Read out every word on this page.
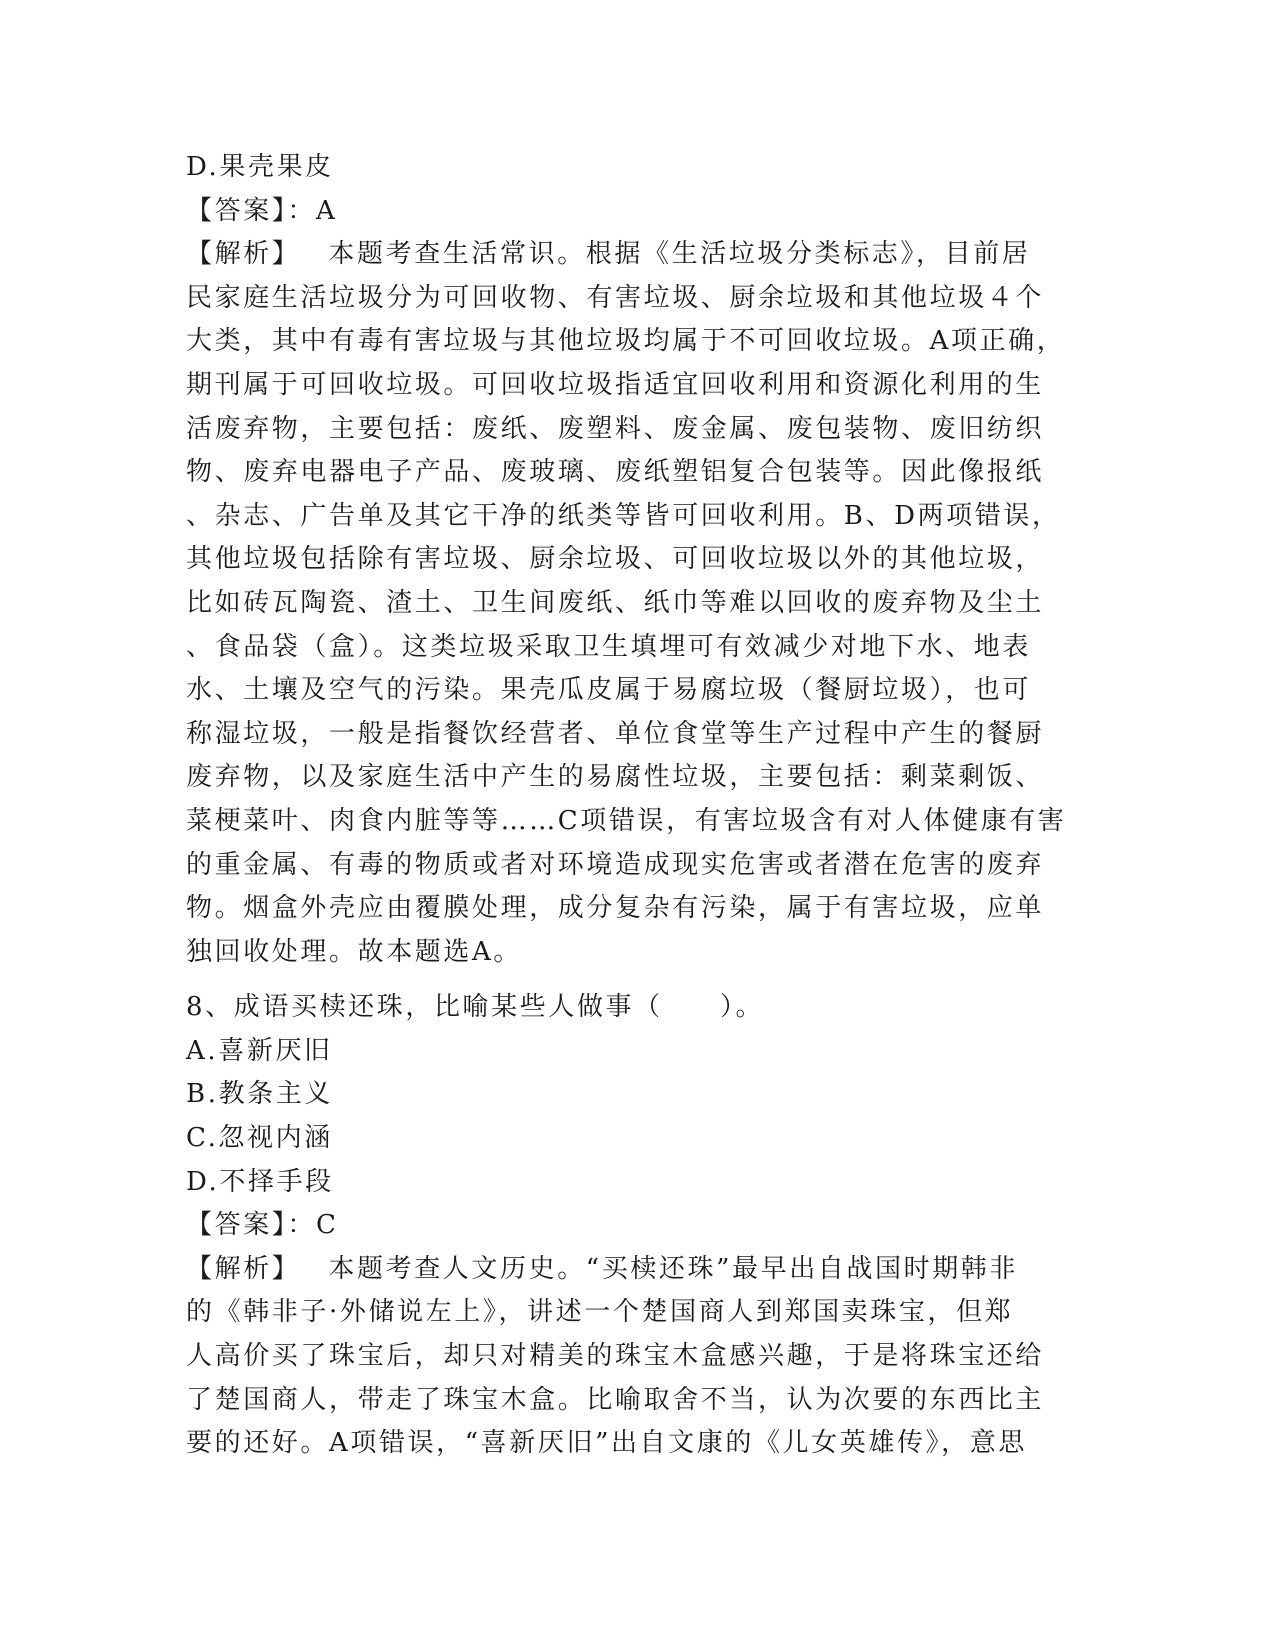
D.果壳果皮
【答案】：A
【解析】 本题考查生活常识。根据《生活垃圾分类标志》，目前居
民家庭生活垃圾分为可回收物、有害垃圾、厨余垃圾和其他垃圾４个
大类，其中有毒有害垃圾与其他垃圾均属于不可回收垃圾。A项正确，
期刊属于可回收垃圾。可回收垃圾指适宜回收利用和资源化利用的生
活废弃物，主要包括：废纸、废塑料、废金属、废包装物、废旧纺织
物、废弃电器电子产品、废玻璃、废纸塑铝复合包装等。因此像报纸
、杂志、广告单及其它干净的纸类等皆可回收利用。B、D两项错误，
其他垃圾包括除有害垃圾、厨余垃圾、可回收垃圾以外的其他垃圾，
比如砖瓦陶瓷、渣土、卫生间废纸、纸巾等难以回收的废弃物及尘土
、食品袋（盒）。这类垃圾采取卫生填埋可有效减少对地下水、地表
水、土壤及空气的污染。果壳瓜皮属于易腐垃圾（餐厨垃圾），也可
称湿垃圾，一般是指餐饮经营者、单位食堂等生产过程中产生的餐厨
废弃物，以及家庭生活中产生的易腐性垃圾，主要包括：剩菜剩饭、
菜梗菜叶、肉食内脏等等……C项错误，有害垃圾含有对人体健康有害
的重金属、有毒的物质或者对环境造成现实危害或者潜在危害的废弃
物。烟盒外壳应由覆膜处理，成分复杂有污染，属于有害垃圾，应单
独回收处理。故本题选A。
8、成语买椟还珠，比喻某些人做事（　　）。
A.喜新厌旧
B.教条主义
C.忽视内涵
D.不择手段
【答案】：C
【解析】 本题考查人文历史。“买椟还珠”最早出自战国时期韩非
的《韩非子·外储说左上》，讲述一个楚国商人到郑国卖珠宝，但郑
人高价买了珠宝后，却只对精美的珠宝木盒感兴趣，于是将珠宝还给
了楚国商人，带走了珠宝木盒。比喻取舍不当，认为次要的东西比主
要的还好。A项错误，“喜新厌旧”出自文康的《儿女英雄传》，意思
